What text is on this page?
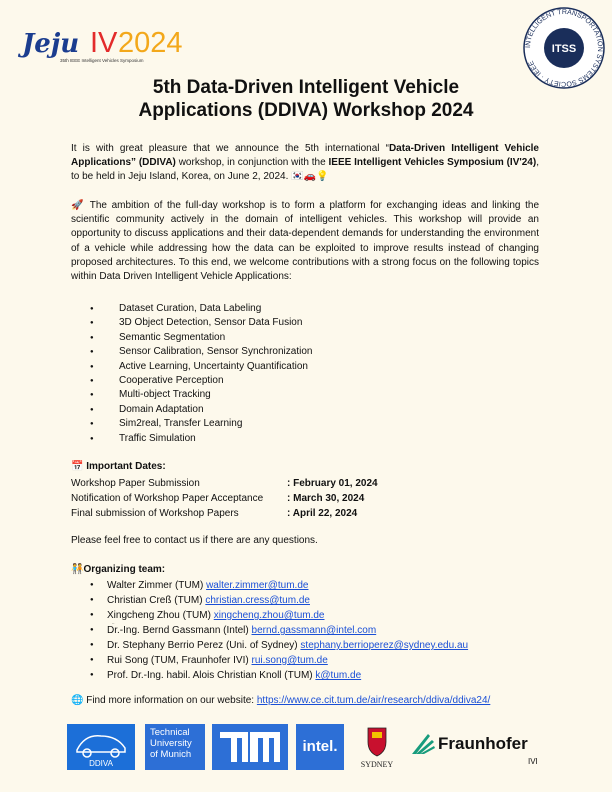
Jeju IV 2024
35th IEEE Intelligent Vehicles Symposium
INTELLIGENT TRANSPORTATION SYSTEMS SOCIETY · IEEE
ITSS
5th Data-Driven Intelligent Vehicle
Applications (DDIVA) Workshop 2024
It is with great pleasure that we announce the 5th international “Data-Driven Intelligent Vehicle Applications” (DDIVA) workshop, in conjunction with the IEEE Intelligent Vehicles Symposium (IV'24), to be held in Jeju Island, Korea, on June 2, 2024. 🇰🇷🚗💡
🚀 The ambition of the full-day workshop is to form a platform for exchanging ideas and linking the scientific community actively in the domain of intelligent vehicles. This workshop will provide an opportunity to discuss applications and their data-dependent demands for understanding the environment of a vehicle while addressing how the data can be exploited to improve results instead of changing proposed architectures. To this end, we welcome contributions with a strong focus on the following topics within Data Driven Intelligent Vehicle Applications:
● Dataset Curation, Data Labeling
● 3D Object Detection, Sensor Data Fusion
● Semantic Segmentation
● Sensor Calibration, Sensor Synchronization
● Active Learning, Uncertainty Quantification
● Cooperative Perception
● Multi-object Tracking
● Domain Adaptation
● Sim2real, Transfer Learning
● Traffic Simulation
📅 Important Dates:
Workshop Paper Submission	: February 01, 2024
Notification of Workshop Paper Acceptance : March 30, 2024
Final submission of Workshop Papers	: April 22, 2024
Please feel free to contact us if there are any questions.
🧑‍🤝‍🧑Organizing team:
● Walter Zimmer (TUM) walter.zimmer@tum.de
● Christian Creß (TUM) christian.cress@tum.de
● Xingcheng Zhou (TUM) xingcheng.zhou@tum.de
● Dr.-Ing. Bernd Gassmann (Intel) bernd.gassmann@intel.com
● Dr. Stephany Berrio Perez (Uni. of Sydney) stephany.berrioperez@sydney.edu.au
● Rui Song (TUM, Fraunhofer IVI) rui.song@tum.de
● Prof. Dr.-Ing. habil. Alois Christian Knoll (TUM) k@tum.de
🌐 Find more information on our website: https://www.ce.cit.tum.de/air/research/ddiva/ddiva24/
DDIVA
Technical University of Munich
TUM
intel.
SYDNEY
Fraunhofer
IVI
